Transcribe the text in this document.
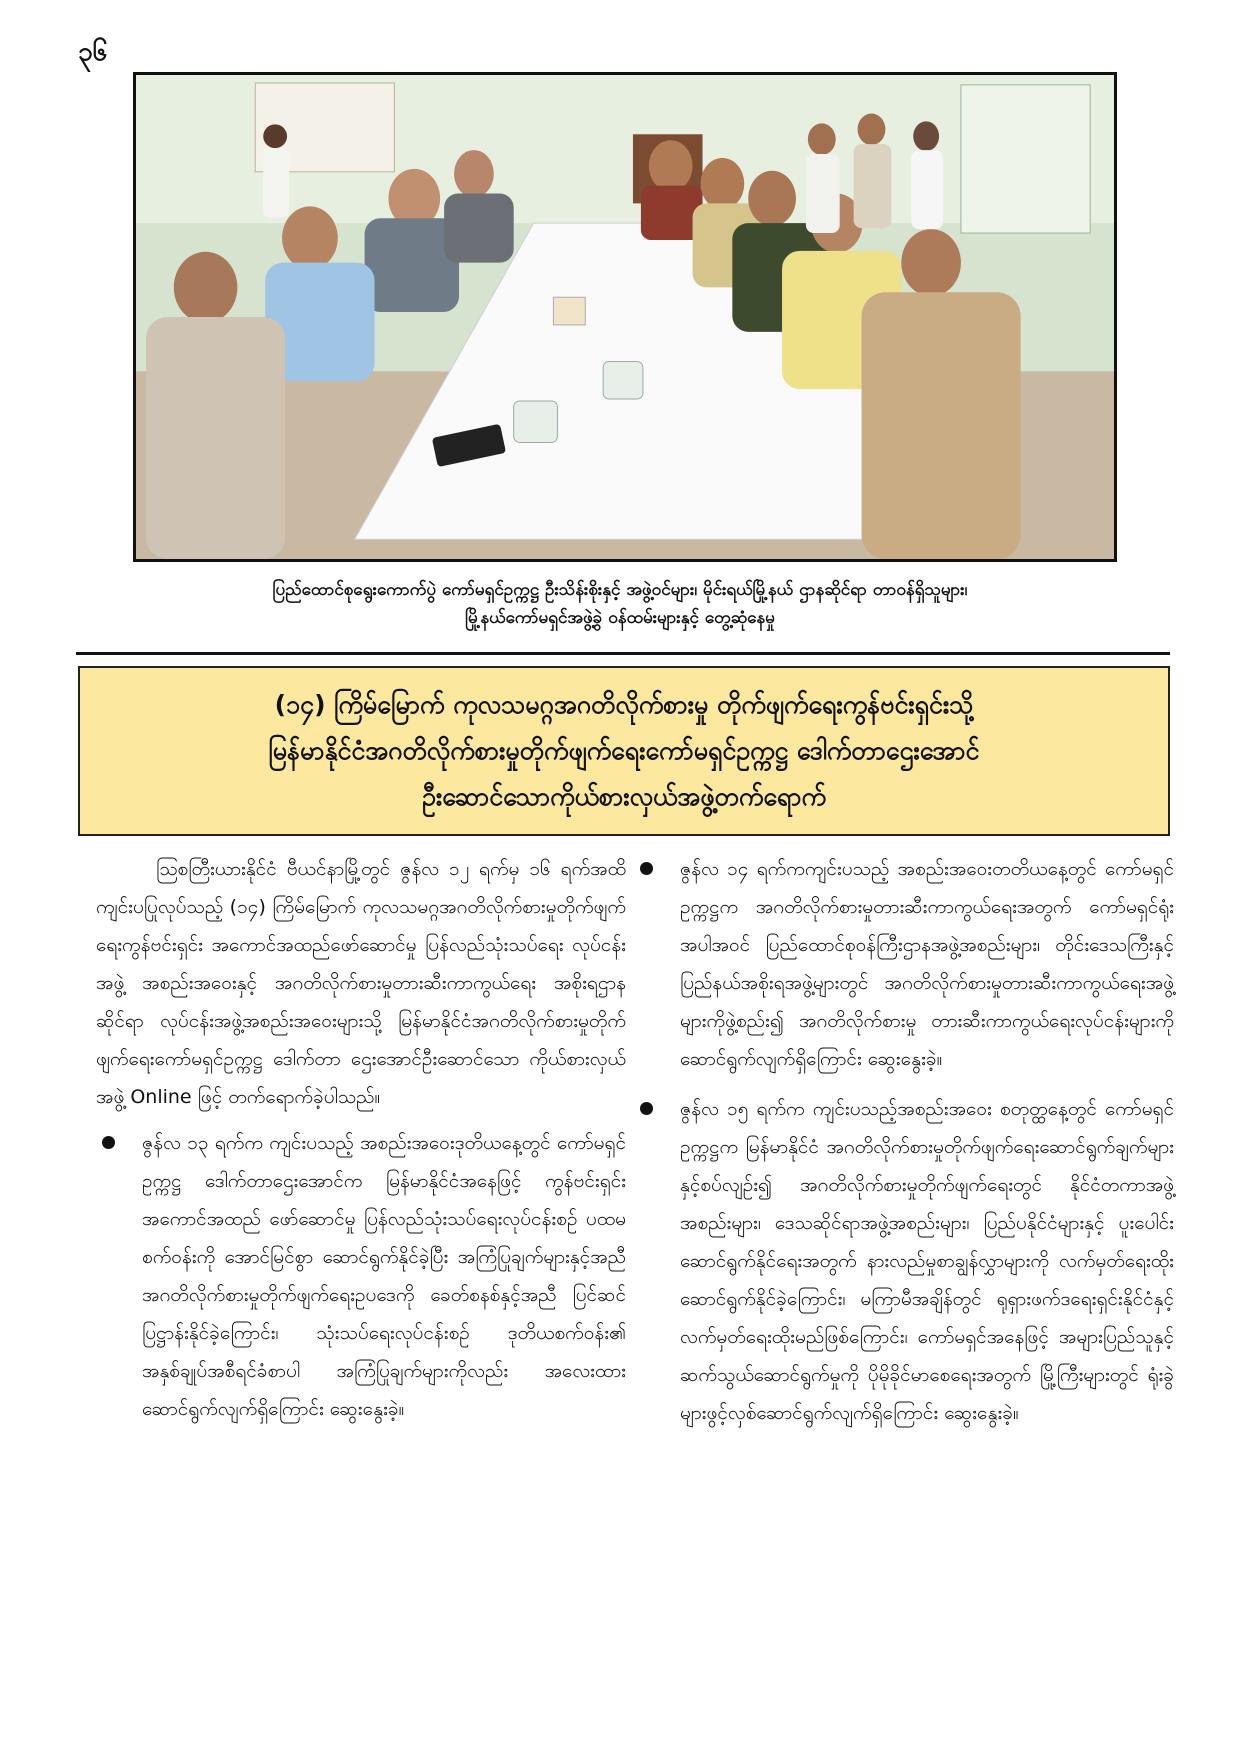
၃၆
ပြည်ထောင်စုရွေးကောက်ပွဲ ကော်မရှင်ဥက္ကဋ္ဌ ဦးသိန်းစိုးနှင့် အဖွဲ့ဝင်များ၊ မိုင်းရယ်မြို့နယ် ဌာနဆိုင်ရာ တာဝန်ရှိသူများ၊
မြို့နယ်ကော်မရှင်အဖွဲ့ခွဲ ဝန်ထမ်းများနှင့် တွေ့ဆုံနေမှု
(၁၄) ကြိမ်မြောက် ကုလသမဂ္ဂအဂတိလိုက်စားမှု တိုက်ဖျက်ရေးကွန်ဗင်းရှင်းသို့
မြန်မာနိုင်ငံအဂတိလိုက်စားမှုတိုက်ဖျက်ရေးကော်မရှင်ဥက္ကဋ္ဌ ဒေါက်တာဌေးအောင်
ဦးဆောင်သောကိုယ်စားလှယ်အဖွဲ့တက်ရောက်

ဩစတြီးယားနိုင်ငံ ဗီယင်နာမြို့တွင် ဇွန်လ ၁၂ ရက်မှ ၁၆ ရက်အထိ ကျင်းပပြုလုပ်သည့် (၁၄) ကြိမ်မြောက် ကုလသမဂ္ဂအဂတိလိုက်စားမှုတိုက်ဖျက်ရေးကွန်ဗင်းရှင်း အကောင်အထည်ဖော်ဆောင်မှု ပြန်လည်သုံးသပ်ရေး လုပ်ငန်းအဖွဲ့ အစည်းအဝေးနှင့် အဂတိလိုက်စားမှုတားဆီးကာကွယ်ရေး အစိုးရဌာနဆိုင်ရာ လုပ်ငန်းအဖွဲ့အစည်းအဝေးများသို့ မြန်မာနိုင်ငံအဂတိလိုက်စားမှုတိုက်ဖျက်ရေးကော်မရှင်ဥက္ကဋ္ဌ ဒေါက်တာ ဌေးအောင်ဦးဆောင်သော ကိုယ်စားလှယ်အဖွဲ့ Online ဖြင့် တက်ရောက်ခဲ့ပါသည်။

ဇွန်လ ၁၃ ရက်က ကျင်းပသည့် အစည်းအဝေးဒုတိယနေ့တွင် ကော်မရှင်ဥက္ကဋ္ဌ ဒေါက်တာဌေးအောင်က မြန်မာနိုင်ငံအနေဖြင့် ကွန်ဗင်းရှင်းအကောင်အထည် ဖော်ဆောင်မှု ပြန်လည်သုံးသပ်ရေးလုပ်ငန်းစဉ် ပထမစက်ဝန်းကို အောင်မြင်စွာ ဆောင်ရွက်နိုင်ခဲ့ပြီး အကြံပြုချက်များနှင့်အညီ အဂတိလိုက်စားမှုတိုက်ဖျက်ရေးဥပဒေကို ခေတ်စနစ်နှင့်အညီ ပြင်ဆင်ပြဋ္ဌာန်းနိုင်ခဲ့ကြောင်း၊ သုံးသပ်ရေးလုပ်ငန်းစဉ် ဒုတိယစက်ဝန်း၏ အနှစ်ချုပ်အစီရင်ခံစာပါ အကြံပြုချက်များကိုလည်း အလေးထားဆောင်ရွက်လျက်ရှိကြောင်း ဆွေးနွေးခဲ့။
ဇွန်လ ၁၄ ရက်ကကျင်းပသည့် အစည်းအဝေးတတိယနေ့တွင် ကော်မရှင်ဥက္ကဋ္ဌက အဂတိလိုက်စားမှုတားဆီးကာကွယ်ရေးအတွက် ကော်မရှင်ရုံးအပါအဝင် ပြည်ထောင်စုဝန်ကြီးဌာနအဖွဲ့အစည်းများ၊ တိုင်းဒေသကြီးနှင့် ပြည်နယ်အစိုးရအဖွဲ့များတွင် အဂတိလိုက်စားမှုတားဆီးကာကွယ်ရေးအဖွဲ့များကိုဖွဲ့စည်း၍ အဂတိလိုက်စားမှု တားဆီးကာကွယ်ရေးလုပ်ငန်းများကို ဆောင်ရွက်လျက်ရှိကြောင်း ဆွေးနွေးခဲ့။
ဇွန်လ ၁၅ ရက်က ကျင်းပသည့်အစည်းအဝေး စတုတ္ထနေ့တွင် ကော်မရှင်ဥက္ကဋ္ဌက မြန်မာနိုင်ငံ အဂတိလိုက်စားမှုတိုက်ဖျက်ရေးဆောင်ရွက်ချက်များနှင့်စပ်လျဉ်း၍ အဂတိလိုက်စားမှုတိုက်ဖျက်ရေးတွင် နိုင်ငံတကာအဖွဲ့အစည်းများ၊ ဒေသဆိုင်ရာအဖွဲ့အစည်းများ၊ ပြည်ပနိုင်ငံများနှင့် ပူးပေါင်းဆောင်ရွက်နိုင်ရေးအတွက် နားလည်မှုစာချွန်လွှာများကို လက်မှတ်ရေးထိုးဆောင်ရွက်နိုင်ခဲ့ကြောင်း၊ မကြာမီအချိန်တွင် ရုရှားဖက်ဒရေးရှင်းနိုင်ငံနှင့် လက်မှတ်ရေးထိုးမည်ဖြစ်ကြောင်း၊ ကော်မရှင်အနေဖြင့် အများပြည်သူနှင့်ဆက်သွယ်ဆောင်ရွက်မှုကို ပိုမိုခိုင်မာစေရေးအတွက် မြို့ကြီးများတွင် ရုံးခွဲများဖွင့်လှစ်ဆောင်ရွက်လျက်ရှိကြောင်း ဆွေးနွေးခဲ့။
